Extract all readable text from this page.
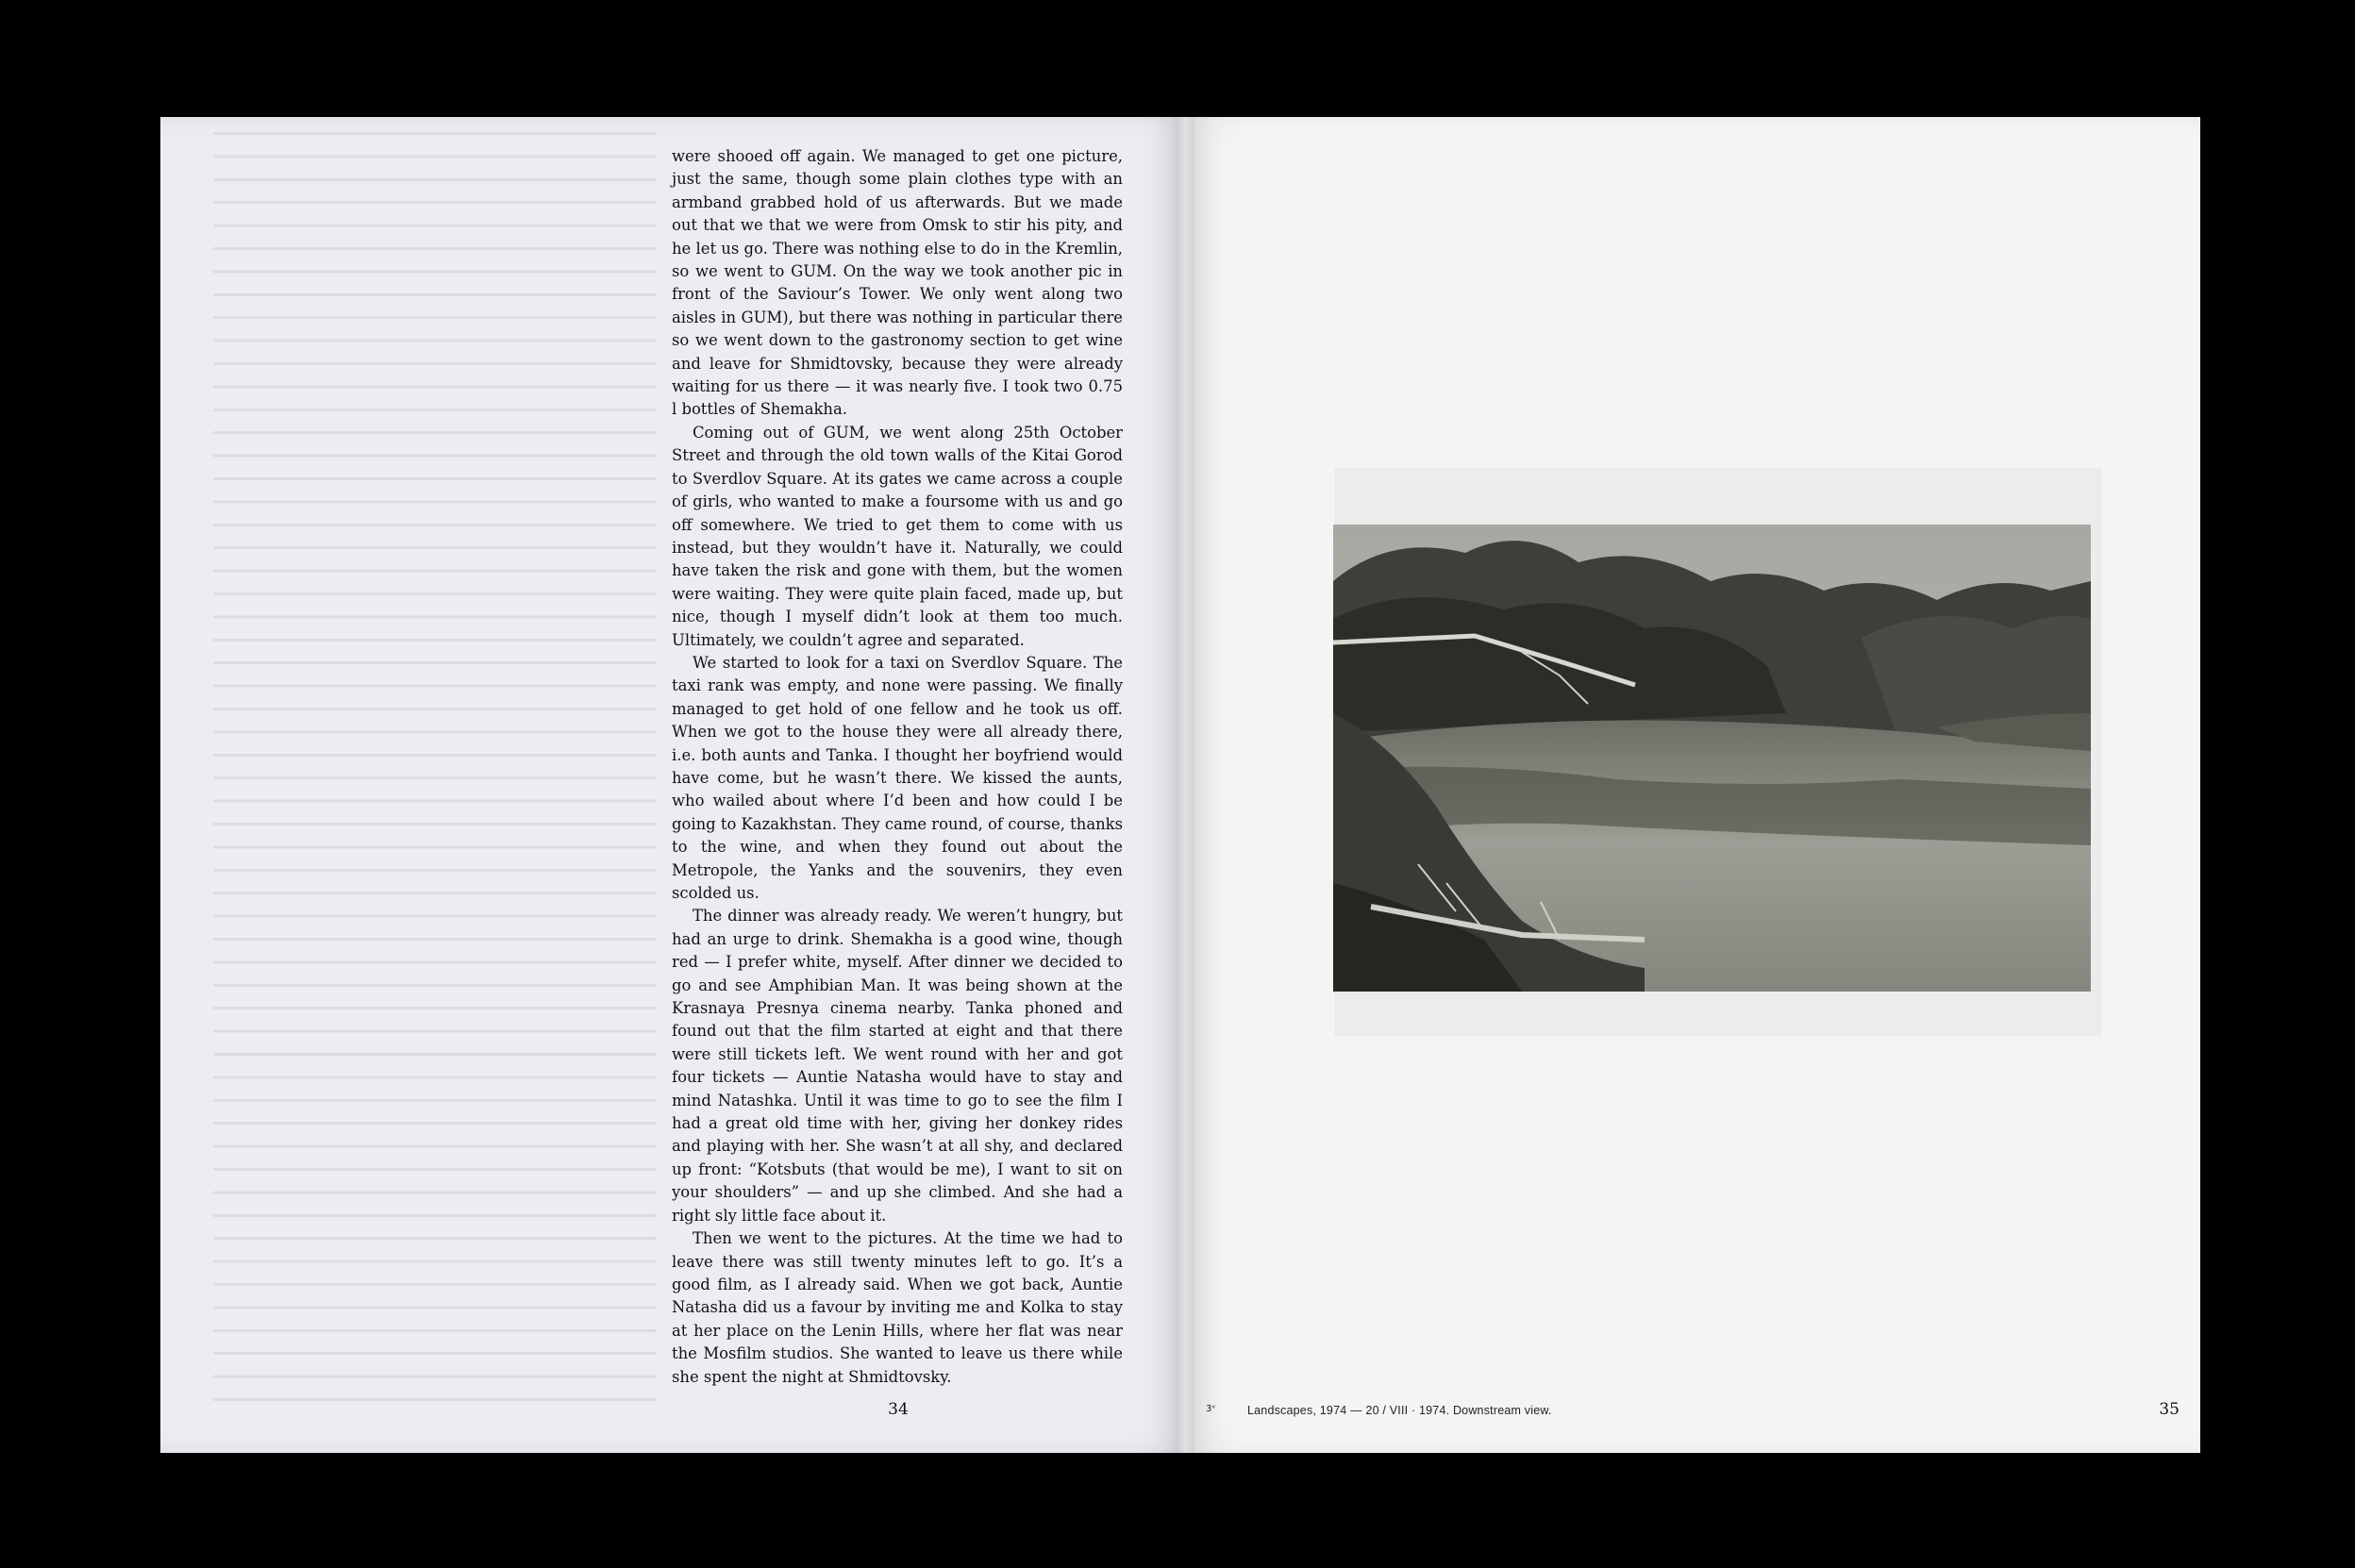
were shooed off again. We managed to get one picture, just the same, though some plain clothes type with an armband grabbed hold of us afterwards. But we made out that we that we were from Omsk to stir his pity, and he let us go. There was nothing else to do in the Kremlin, so we went to GUM. On the way we took another pic in front of the Saviour’s Tower. We only went along two aisles in GUM), but there was nothing in particular there so we went down to the gastronomy section to get wine and leave for Shmidtovsky, because they were already waiting for us there — it was nearly five. I took two 0.75 l bottles of Shemakha.

Coming out of GUM, we went along 25th October Street and through the old town walls of the Kitai Gorod to Sverdlov Square. At its gates we came across a couple of girls, who wanted to make a foursome with us and go off somewhere. We tried to get them to come with us instead, but they wouldn’t have it. Naturally, we could have taken the risk and gone with them, but the women were waiting. They were quite plain faced, made up, but nice, though I myself didn’t look at them too much. Ultimately, we couldn’t agree and separated.

We started to look for a taxi on Sverdlov Square. The taxi rank was empty, and none were passing. We finally managed to get hold of one fellow and he took us off. When we got to the house they were all already there, i.e. both aunts and Tanka. I thought her boyfriend would have come, but he wasn’t there. We kissed the aunts, who wailed about where I’d been and how could I be going to Kazakhstan. They came round, of course, thanks to the wine, and when they found out about the Metropole, the Yanks and the souvenirs, they even scolded us.

The dinner was already ready. We weren’t hungry, but had an urge to drink. Shemakha is a good wine, though red — I prefer white, myself. After dinner we decided to go and see Amphibian Man. It was being shown at the Krasnaya Presnya cinema nearby. Tanka phoned and found out that the film started at eight and that there were still tickets left. We went round with her and got four tickets — Auntie Natasha would have to stay and mind Natashka. Until it was time to go to see the film I had a great old time with her, giving her donkey rides and playing with her. She wasn’t at all shy, and declared up front: “Kotsbuts (that would be me), I want to sit on your shoulders” — and up she climbed. And she had a right sly little face about it.

Then we went to the pictures. At the time we had to leave there was still twenty minutes left to go. It’s a good film, as I already said. When we got back, Auntie Natasha did us a favour by inviting me and Kolka to stay at her place on the Lenin Hills, where her flat was near the Mosfilm studios. She wanted to leave us there while she spent the night at Shmidtovsky.

34	3ᵛ	Landscapes, 1974 — 20 / VIII · 1974. Downstream view.	35
